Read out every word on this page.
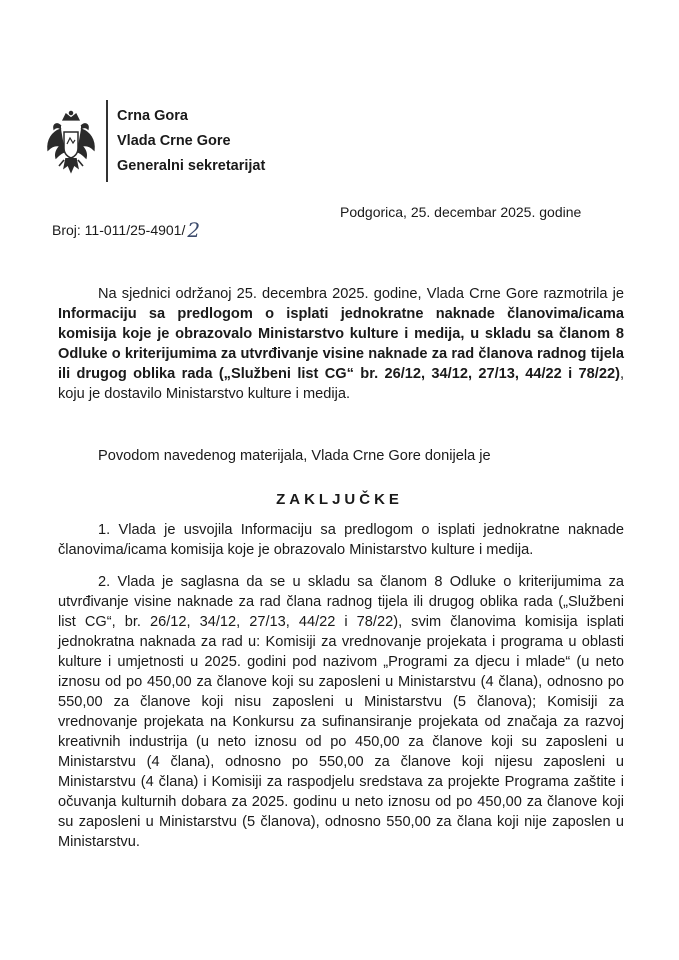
Crna Gora
Vlada Crne Gore
Generalni sekretarijat
Broj: 11-011/25-4901/ 2
Podgorica, 25. decembar 2025. godine
Na sjednici održanoj 25. decembra 2025. godine, Vlada Crne Gore razmotrila je Informaciju sa predlogom o isplati jednokratne naknade članovima/icama komisija koje je obrazovalo Ministarstvo kulture i medija, u skladu sa članom 8 Odluke o kriterijumima za utvrđivanje visine naknade za rad članova radnog tijela ili drugog oblika rada („Službeni list CG“ br. 26/12, 34/12, 27/13, 44/22 i 78/22), koju je dostavilo Ministarstvo kulture i medija.
Povodom navedenog materijala, Vlada Crne Gore donijela je
ZAKLJUČKE
1. Vlada je usvojila Informaciju sa predlogom o isplati jednokratne naknade članovima/icama komisija koje je obrazovalo Ministarstvo kulture i medija.
2. Vlada je saglasna da se u skladu sa članom 8 Odluke o kriterijumima za utvrđivanje visine naknade za rad člana radnog tijela ili drugog oblika rada („Službeni list CG“, br. 26/12, 34/12, 27/13, 44/22 i 78/22), svim članovima komisija isplati jednokratna naknada za rad u: Komisiji za vrednovanje projekata i programa u oblasti kulture i umjetnosti u 2025. godini pod nazivom „Programi za djecu i mlade“ (u neto iznosu od po 450,00 za članove koji su zaposleni u Ministarstvu (4 člana), odnosno po 550,00 za članove koji nisu zaposleni u Ministarstvu (5 članova); Komisiji za vrednovanje projekata na Konkursu za sufinansiranje projekata od značaja za razvoj kreativnih industrija (u neto iznosu od po 450,00 za članove koji su zaposleni u Ministarstvu (4 člana), odnosno po 550,00 za članove koji nijesu zaposleni u Ministarstvu (4 člana) i Komisiji za raspodjelu sredstava za projekte Programa zaštite i očuvanja kulturnih dobara za 2025. godinu u neto iznosu od po 450,00 za članove koji su zaposleni u Ministarstvu (5 članova), odnosno 550,00 za člana koji nije zaposlen u Ministarstvu.
